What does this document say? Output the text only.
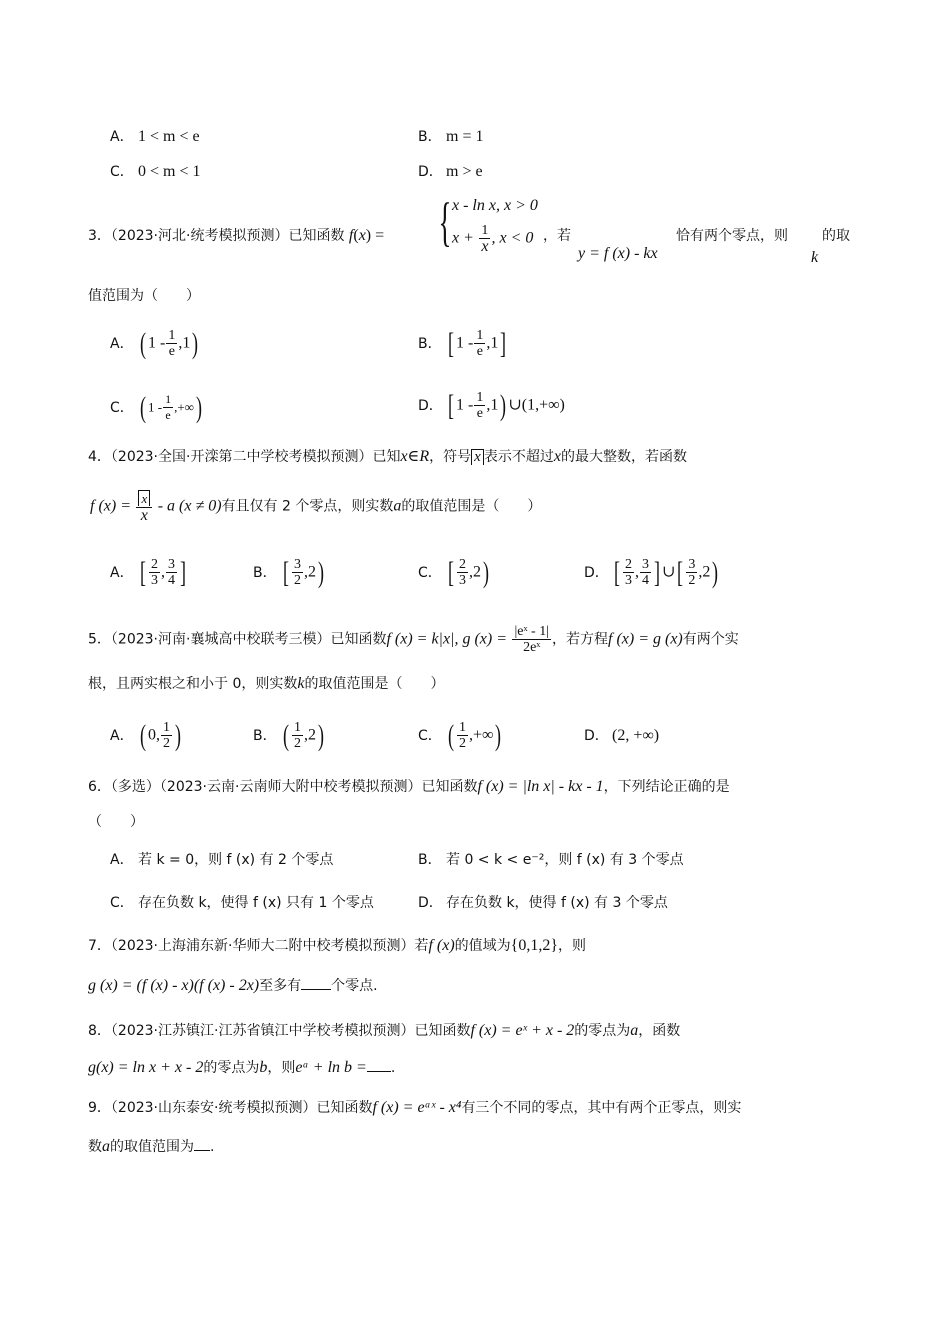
A． 1 < m < e	B． m = 1
C． 0 < m < 1	D． m > e
3．（2023·河北·统考模拟预测）已知函数 f(x) = { x - ln x, x > 0
$x + \frac{1}{x}$ , x < 0 ，若
y = f (x) - kx
恰有两个零点，则
k
的取
值范围为（　　）
A． ( $1 - \frac{1}{e} ,1$)	B． [ $1 - \frac{1}{e} ,1$]
C． ( $1 - \frac{1}{e}$ ,+∞)	D． [ $1 - \frac{1}{e} ,1$) ∪(1,+∞)
4．（2023·全国·开滦第二中学校考模拟预测）已知x∈R，符号 x 表示不超过x的最大整数，若函数
f $(x) = \frac{x}{x} - a$ (x ≠ 0)有且仅有 2 个零点，则实数a的取值范围是（　　）
A． [ $\frac{2}{3}$ , $\frac{3}{4}$ ]	B． [ $\frac{3}{2} ,2$)	C． [ $\frac{2}{3} ,2$)	D． [ $\frac{2}{3}$ , $\frac{3}{4}$ ] ∪[ $\frac{3}{2} ,2$)
5．（2023·河南·襄城高中校联考三模）已知函数f (x) = k|x|, g $(x) = \frac{\text{|eˣ - 1|}}{\text{2eˣ}}$ ，若方程f (x) = g (x)有两个实
根，且两实根之和小于 0，则实数k的取值范围是（　　）
A． ( 0, $\frac{1}{2}$ )	B． ( $\frac{1}{2} ,2$)	C． ( $\frac{1}{2}$ ,+∞)	D． (2, +∞)
6．（多选）（2023·云南·云南师大附中校考模拟预测）已知函数f (x) = |ln x| - kx - 1，下列结论正确的是
（　　）
A． 若 k = 0，则 f (x) 有 2 个零点	B． 若 0 < k < e⁻²，则 f (x) 有 3 个零点
C． 存在负数 k，使得 f (x) 只有 1 个零点	D． 存在负数 k，使得 f (x) 有 3 个零点
7．（2023·上海浦东新·华师大二附中校考模拟预测）若f (x)的值域为{0,1,2}，则
g (x) = (f (x) - x)(f (x) - 2x)至多有 个零点.
8．（2023·江苏镇江·江苏省镇江中学校考模拟预测）已知函数f (x) = eˣ + x - 2的零点为a，函数
g(x) = ln x + x - 2的零点为b，则eᵃ + ln b = .
9．（2023·山东泰安·统考模拟预测）已知函数f (x) = eᵃˣ - x⁴有三个不同的零点，其中有两个正零点，则实
数a的取值范围为 .
